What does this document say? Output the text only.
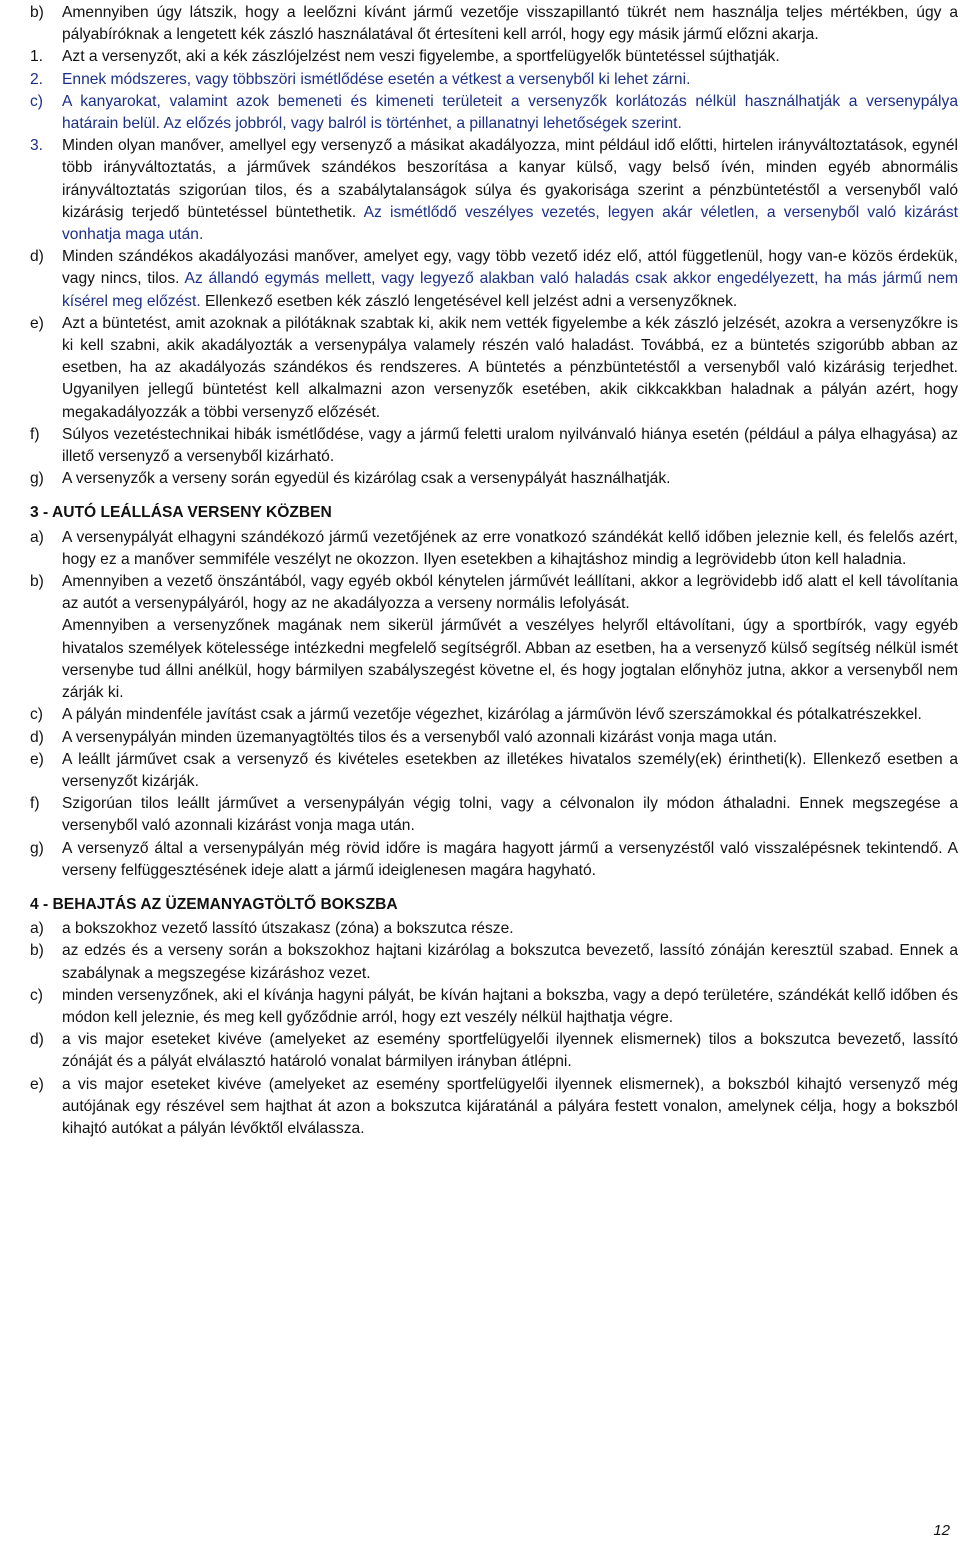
b) Amennyiben úgy látszik, hogy a leelőzni kívánt jármű vezetője visszapillantó tükrét nem használja teljes mértékben, úgy a pályabíróknak a lengetett kék zászló használatával őt értesíteni kell arról, hogy egy másik jármű előzni akarja.
1. Azt a versenyzőt, aki a kék zászlójelzést nem veszi figyelembe, a sportfelügyelők büntetéssel sújthatják.
2. Ennek módszeres, vagy többszöri ismétlődése esetén a vétkest a versenyből ki lehet zárni.
c) A kanyarokat, valamint azok bemeneti és kimeneti területeit a versenyzők korlátozás nélkül használhatják a versenypálya határain belül. Az előzés jobbról, vagy balról is történhet, a pillanatnyi lehetőségek szerint.
3. Minden olyan manőver, amellyel egy versenyző a másikat akadályozza, mint például idő előtti, hirtelen irányváltoztatások, egynél több irányváltoztatás, a járművek szándékos beszorítása a kanyar külső, vagy belső ívén, minden egyéb abnormális irányváltoztatás szigorúan tilos, és a szabálytalanságok súlya és gyakorisága szerint a pénzbüntetéstől a versenyből való kizárásig terjedő büntetéssel büntethetik. Az ismétlődő veszélyes vezetés, legyen akár véletlen, a versenyből való kizárást vonhatja maga után.
d) Minden szándékos akadályozási manőver, amelyet egy, vagy több vezető idéz elő, attól függetlenül, hogy van-e közös érdekük, vagy nincs, tilos. Az állandó egymás mellett, vagy legyező alakban való haladás csak akkor engedélyezett, ha más jármű nem kísérel meg előzést. Ellenkező esetben kék zászló lengetésével kell jelzést adni a versenyzőknek.
e) Azt a büntetést, amit azoknak a pilótáknak szabtak ki, akik nem vették figyelembe a kék zászló jelzését, azokra a versenyzőkre is ki kell szabni, akik akadályozták a versenypálya valamely részén való haladást. Továbbá, ez a büntetés szigorúbb abban az esetben, ha az akadályozás szándékos és rendszeres. A büntetés a pénzbüntetéstől a versenyből való kizárásig terjedhet. Ugyanilyen jellegű büntetést kell alkalmazni azon versenyzők esetében, akik cikkcakkban haladnak a pályán azért, hogy megakadályozzák a többi versenyző előzését.
f) Súlyos vezetéstechnikai hibák ismétlődése, vagy a jármű feletti uralom nyilvánvaló hiánya esetén (például a pálya elhagyása) az illető versenyző a versenyből kizárható.
g) A versenyzők a verseny során egyedül és kizárólag csak a versenypályát használhatják.
3 - AUTÓ LEÁLLÁSA VERSENY KÖZBEN
a) A versenypályát elhagyni szándékozó jármű vezetőjének az erre vonatkozó szándékát kellő időben jeleznie kell, és felelős azért, hogy ez a manőver semmiféle veszélyt ne okozzon. Ilyen esetekben a kihajtáshoz mindig a legrövidebb úton kell haladnia.
b) Amennyiben a vezető önszántából, vagy egyéb okból kénytelen járművét leállítani, akkor a legrövidebb idő alatt el kell távolítania az autót a versenypályáról, hogy az ne akadályozza a verseny normális lefolyását.
Amennyiben a versenyzőnek magának nem sikerül járművét a veszélyes helyről eltávolítani, úgy a sportbírók, vagy egyéb hivatalos személyek kötelessége intézkedni megfelelő segítségről. Abban az esetben, ha a versenyző külső segítség nélkül ismét versenybe tud állni anélkül, hogy bármilyen szabályszegést követne el, és hogy jogtalan előnyhöz jutna, akkor a versenyből nem zárják ki.
c) A pályán mindenféle javítást csak a jármű vezetője végezhet, kizárólag a járművön lévő szerszámokkal és pótalkatrészekkel.
d) A versenypályán minden üzemanyagtöltés tilos és a versenyből való azonnali kizárást vonja maga után.
e) A leállt járművet csak a versenyző és kivételes esetekben az illetékes hivatalos személy(ek) érintheti(k). Ellenkező esetben a versenyzőt kizárják.
f) Szigorúan tilos leállt járművet a versenypályán végig tolni, vagy a célvonalon ily módon áthaladni. Ennek megszegése a versenyből való azonnali kizárást vonja maga után.
g) A versenyző által a versenypályán még rövid időre is magára hagyott jármű a versenyzéstől való visszalépésnek tekintendő. A verseny felfüggesztésének ideje alatt a jármű ideiglenesen magára hagyható.
4 - BEHAJTÁS AZ ÜZEMANYAGTÖLTŐ BOKSZBA
a) a bokszokhoz vezető lassító útszakasz (zóna) a bokszutca része.
b) az edzés és a verseny során a bokszokhoz hajtani kizárólag a bokszutca bevezető, lassító zónáján keresztül szabad. Ennek a szabálynak a megszegése kizáráshoz vezet.
c) minden versenyzőnek, aki el kívánja hagyni pályát, be kíván hajtani a bokszba, vagy a depó területére, szándékát kellő időben és módon kell jeleznie, és meg kell győződnie arról, hogy ezt veszély nélkül hajthatja végre.
d) a vis major eseteket kivéve (amelyeket az esemény sportfelügyelői ilyennek elismernek) tilos a bokszutca bevezető, lassító zónáját és a pályát elválasztó határoló vonalat bármilyen irányban átlépni.
e) a vis major eseteket kivéve (amelyeket az esemény sportfelügyelői ilyennek elismernek), a bokszból kihajtó versenyző még autójának egy részével sem hajthat át azon a bokszutca kijáratánál a pályára festett vonalon, amelynek célja, hogy a bokszból kihajtó autókat a pályán lévőktől elválassza.
12
